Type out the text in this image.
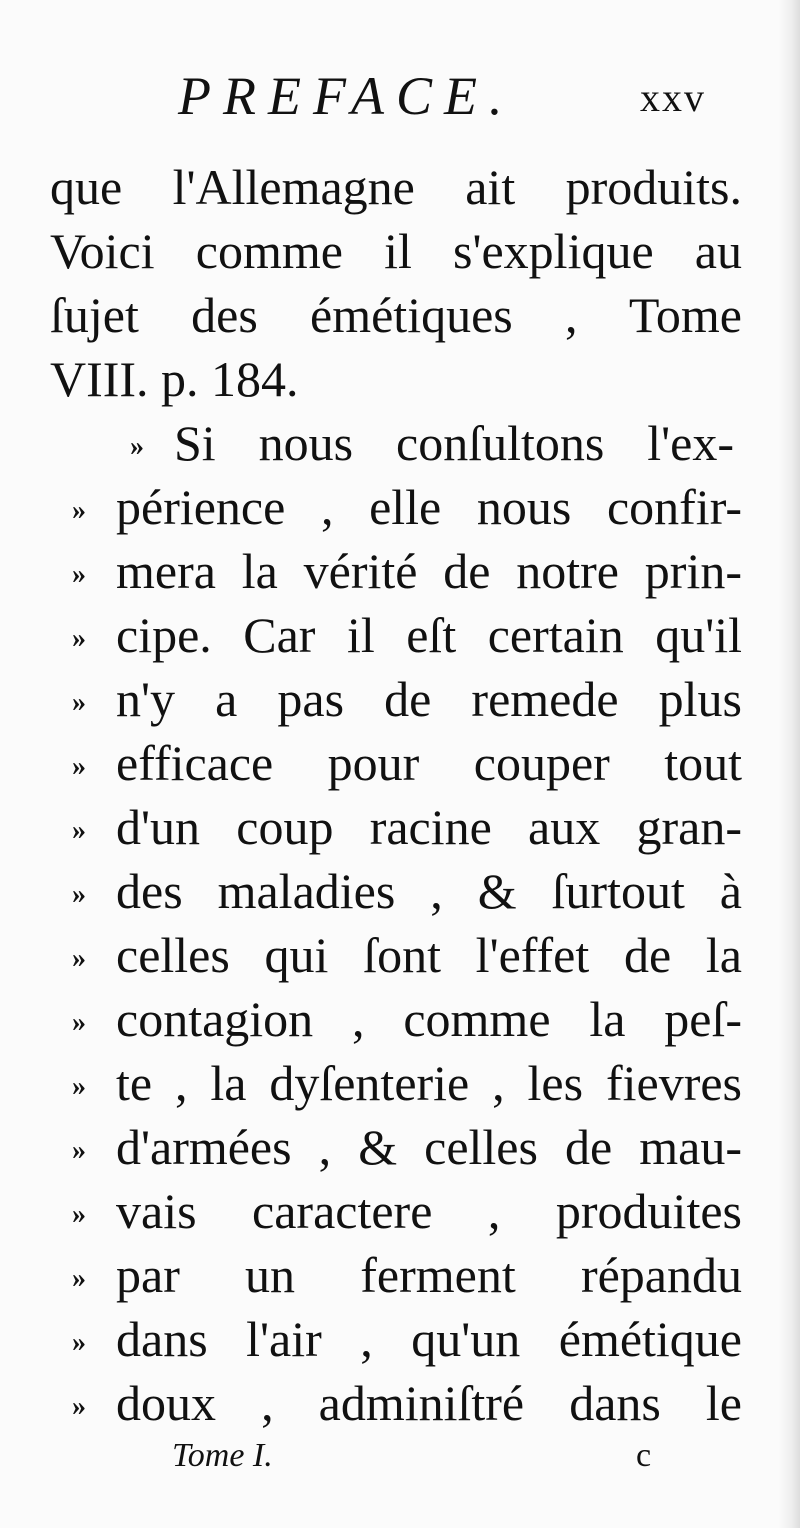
PREFACE.	xxv
que l'Allemagne ait produits.
Voici comme il s'explique au
ſujet des émétiques , Tome
VIII. p. 184.
» Si nous conſultons l'ex-
» périence , elle nous confir-
» mera la vérité de notre prin-
» cipe. Car il eſt certain qu'il
» n'y a pas de remede plus
» efficace pour couper tout
» d'un coup racine aux gran-
» des maladies , & ſurtout à
» celles qui ſont l'effet de la
» contagion , comme la peſ-
» te , la dyſenterie , les fievres
» d'armées , & celles de mau-
» vais caractere , produites
» par un ferment répandu
» dans l'air , qu'un émétique
» doux , adminiſtré dans le
Tome I.	c
